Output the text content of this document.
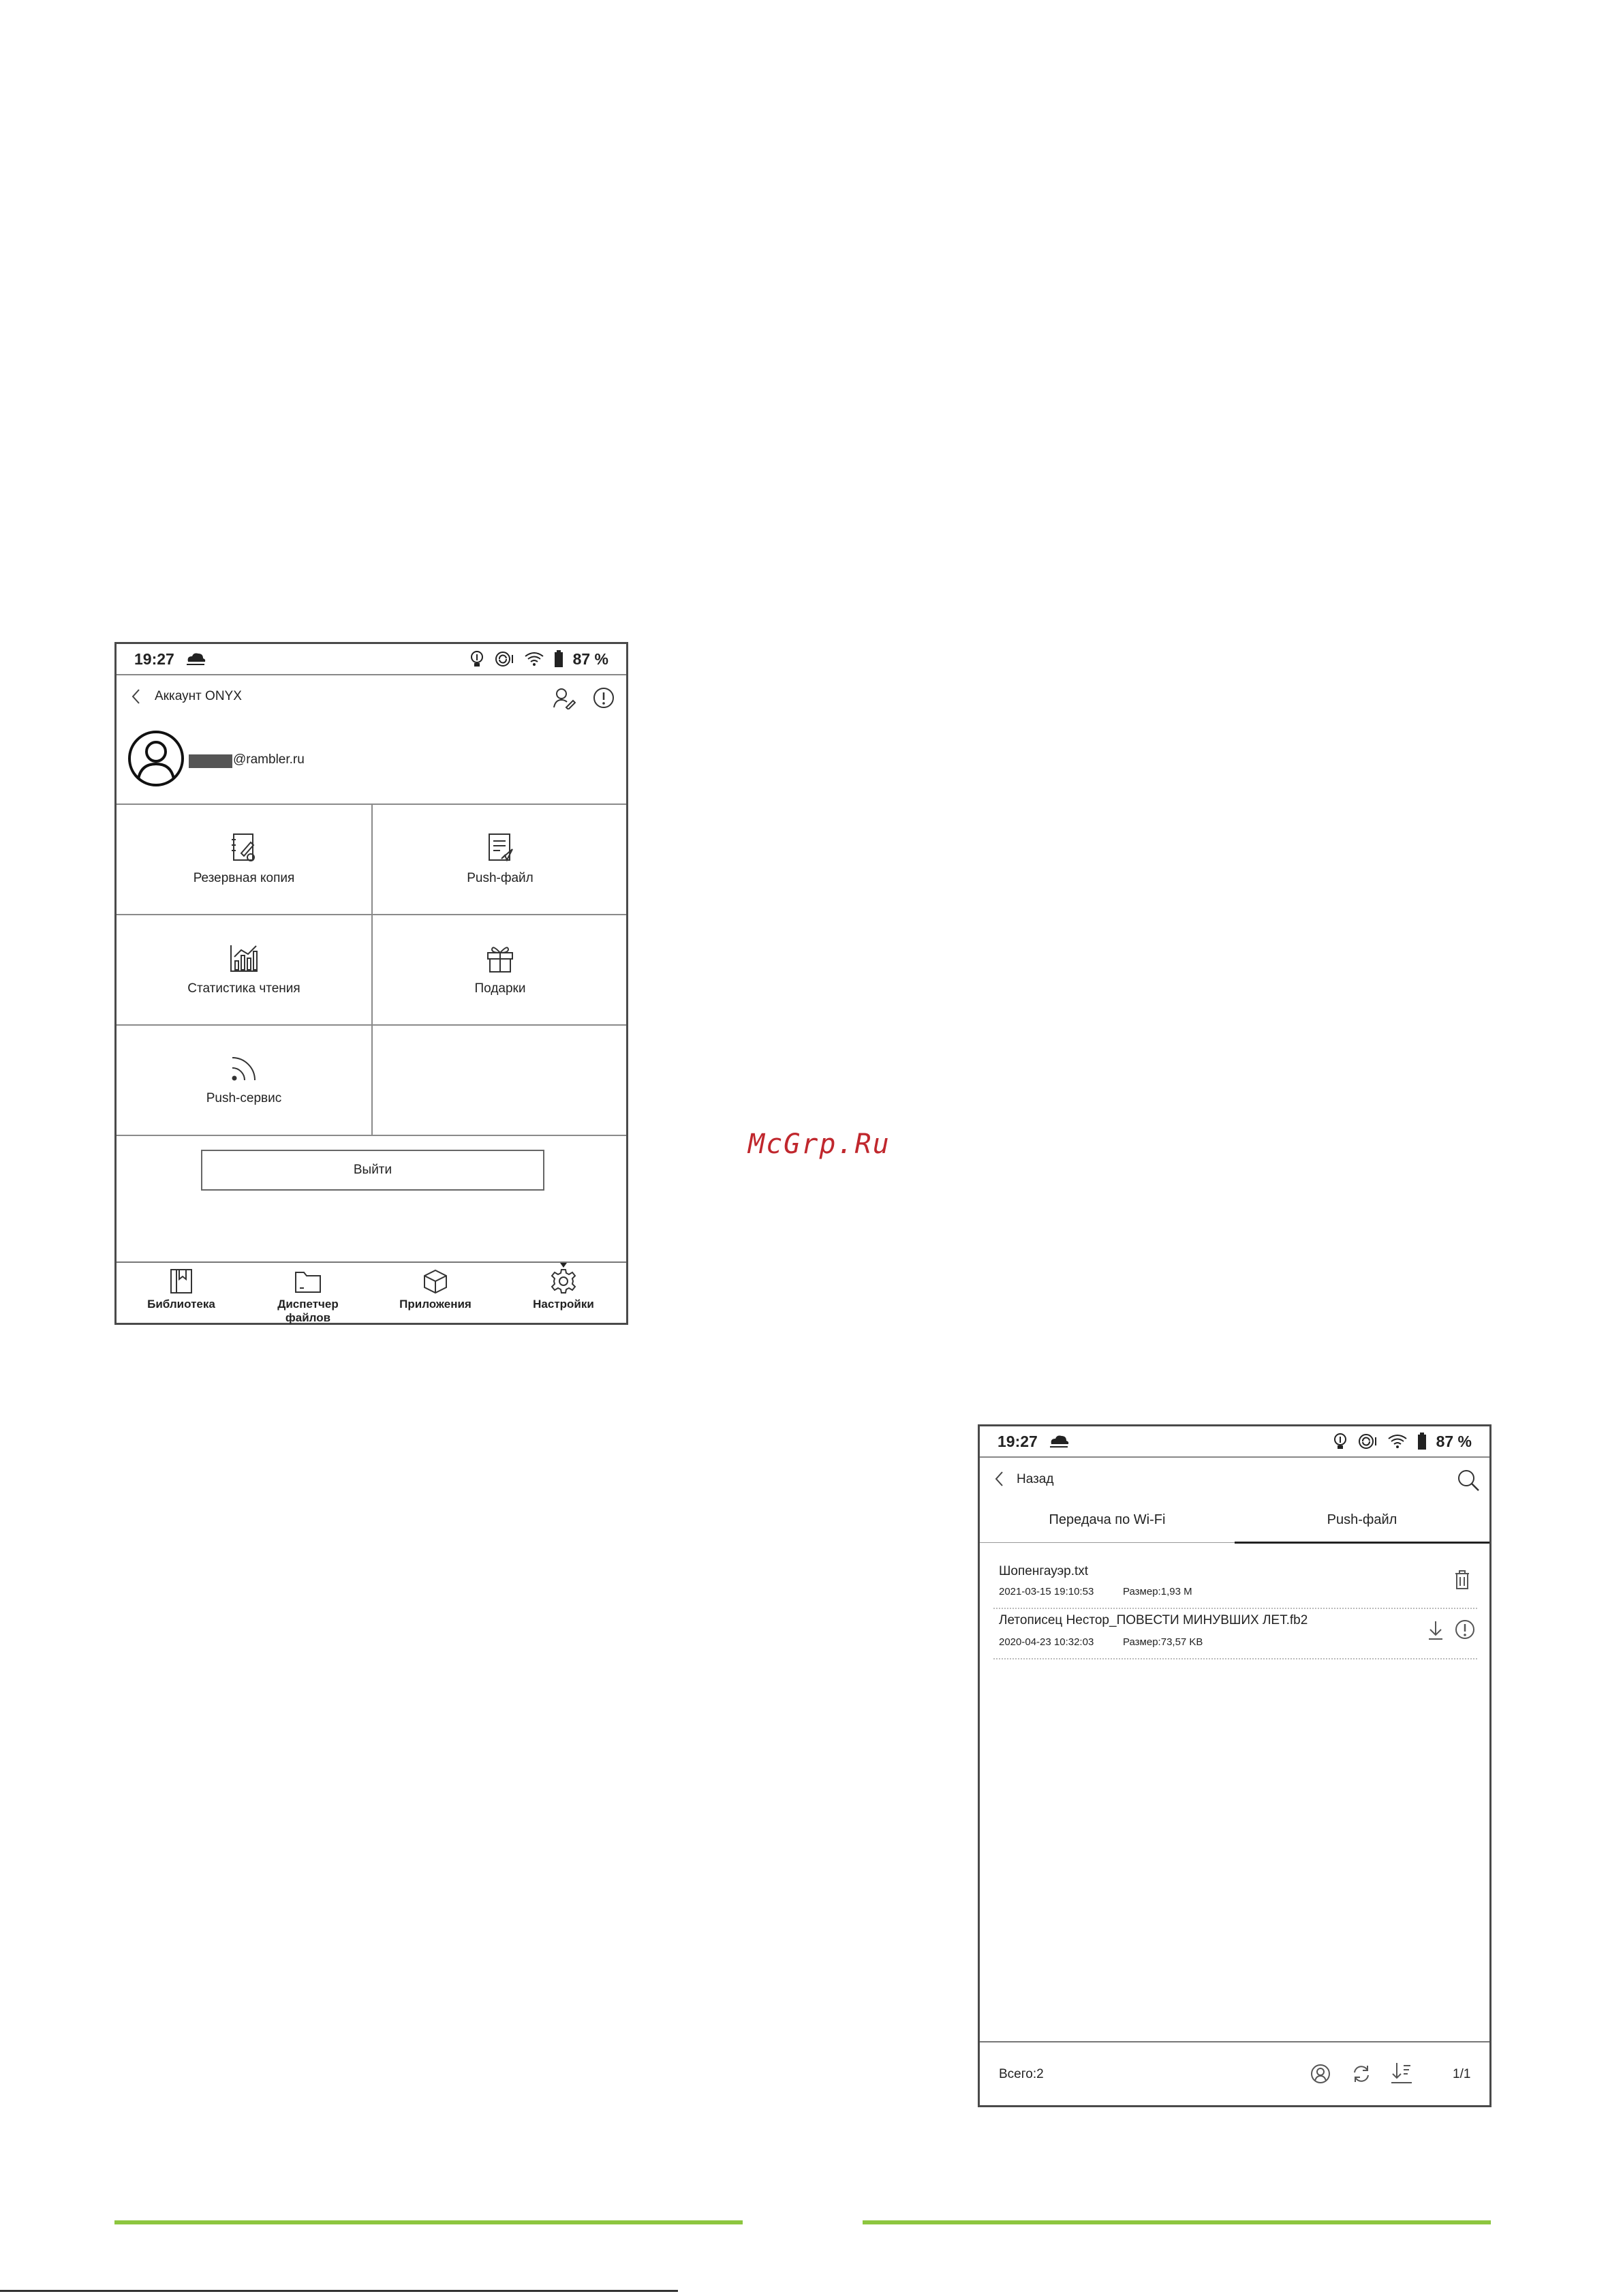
19:27	87 %
Аккаунт ONYX
@rambler.ru
Резервная копия	Push-файл
Статистика чтения	Подарки
Push-сервис
Выйти
Библиотека	Диспетчер файлов
Приложения	Настройки
McGrp.Ru
19:27	87 %
Назад
Передача по Wi-Fi	Push-файл
Шопенгауэр.txt
2021-03-15 19:10:53	Размер:1,93 M
Летописец Нестор_ПОВЕСТИ МИНУВШИХ ЛЕТ.fb2
2020-04-23 10:32:03	Размер:73,57 KB
Всего:2	1/1
